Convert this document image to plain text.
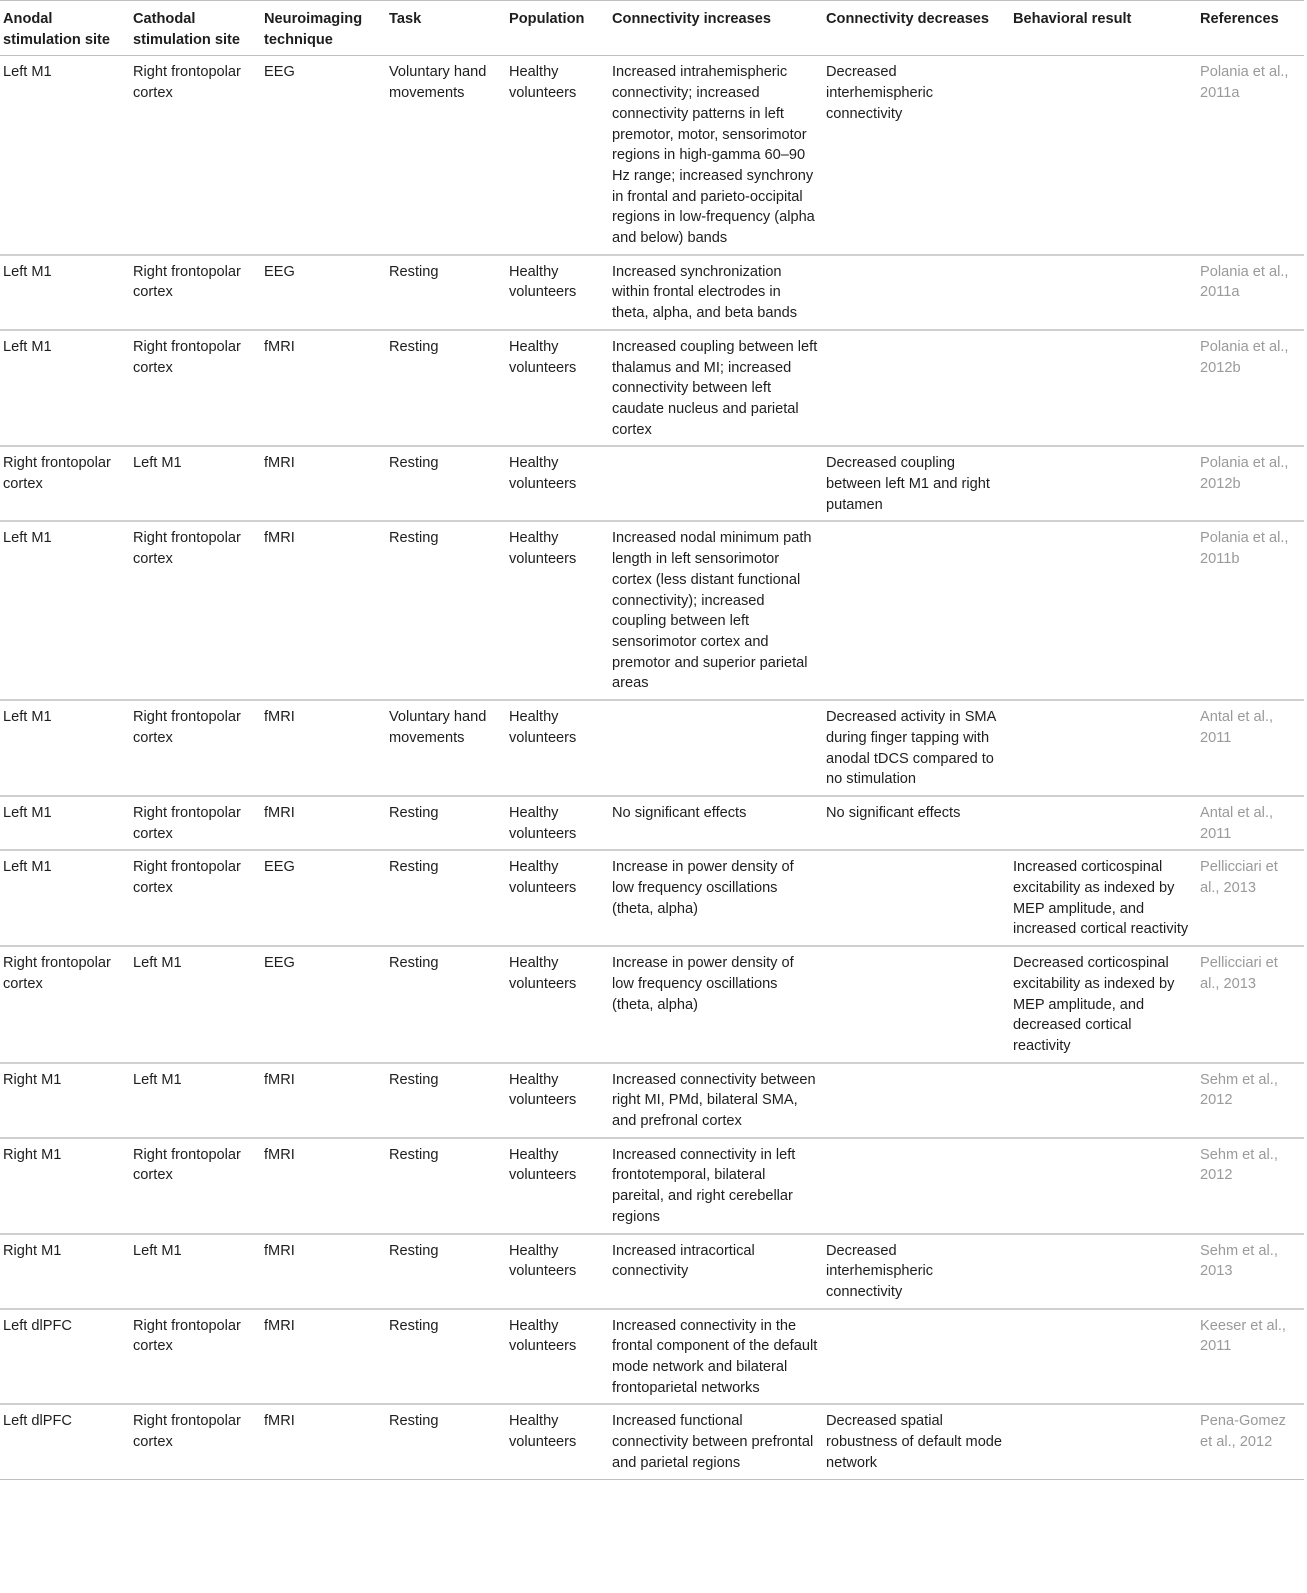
Anodal stimulation site	Cathodal stimulation site	Neuroimaging technique	Task	Population	Connectivity increases	Connectivity decreases	Behavioral result	References
Left M1	Right frontopolar cortex	EEG	Voluntary hand movements	Healthy volunteers	Increased intrahemispheric connectivity; increased connectivity patterns in left premotor, motor, sensorimotor regions in high-gamma 60–90 Hz range; increased synchrony in frontal and parieto-occipital regions in low-frequency (alpha and below) bands	Decreased interhemispheric connectivity		Polania et al., 2011a
Left M1	Right frontopolar cortex	EEG	Resting	Healthy volunteers	Increased synchronization within frontal electrodes in theta, alpha, and beta bands			Polania et al., 2011a
Left M1	Right frontopolar cortex	fMRI	Resting	Healthy volunteers	Increased coupling between left thalamus and MI; increased connectivity between left caudate nucleus and parietal cortex			Polania et al., 2012b
Right frontopolar cortex	Left M1	fMRI	Resting	Healthy volunteers		Decreased coupling between left M1 and right putamen		Polania et al., 2012b
Left M1	Right frontopolar cortex	fMRI	Resting	Healthy volunteers	Increased nodal minimum path length in left sensorimotor cortex (less distant functional connectivity); increased coupling between left sensorimotor cortex and premotor and superior parietal areas			Polania et al., 2011b
Left M1	Right frontopolar cortex	fMRI	Voluntary hand movements	Healthy volunteers		Decreased activity in SMA during finger tapping with anodal tDCS compared to no stimulation		Antal et al., 2011
Left M1	Right frontopolar cortex	fMRI	Resting	Healthy volunteers	No significant effects	No significant effects		Antal et al., 2011
Left M1	Right frontopolar cortex	EEG	Resting	Healthy volunteers	Increase in power density of low frequency oscillations (theta, alpha)		Increased corticospinal excitability as indexed by MEP amplitude, and increased cortical reactivity	Pellicciari et al., 2013
Right frontopolar cortex	Left M1	EEG	Resting	Healthy volunteers	Increase in power density of low frequency oscillations (theta, alpha)		Decreased corticospinal excitability as indexed by MEP amplitude, and decreased cortical reactivity	Pellicciari et al., 2013
Right M1	Left M1	fMRI	Resting	Healthy volunteers	Increased connectivity between right MI, PMd, bilateral SMA, and prefronal cortex			Sehm et al., 2012
Right M1	Right frontopolar cortex	fMRI	Resting	Healthy volunteers	Increased connectivity in left frontotemporal, bilateral pareital, and right cerebellar regions			Sehm et al., 2012
Right M1	Left M1	fMRI	Resting	Healthy volunteers	Increased intracortical connectivity	Decreased interhemispheric connectivity		Sehm et al., 2013
Left dlPFC	Right frontopolar cortex	fMRI	Resting	Healthy volunteers	Increased connectivity in the frontal component of the default mode network and bilateral frontoparietal networks			Keeser et al., 2011
Left dlPFC	Right frontopolar cortex	fMRI	Resting	Healthy volunteers	Increased functional connectivity between prefrontal and parietal regions	Decreased spatial robustness of default mode network		Pena-Gomez et al., 2012
